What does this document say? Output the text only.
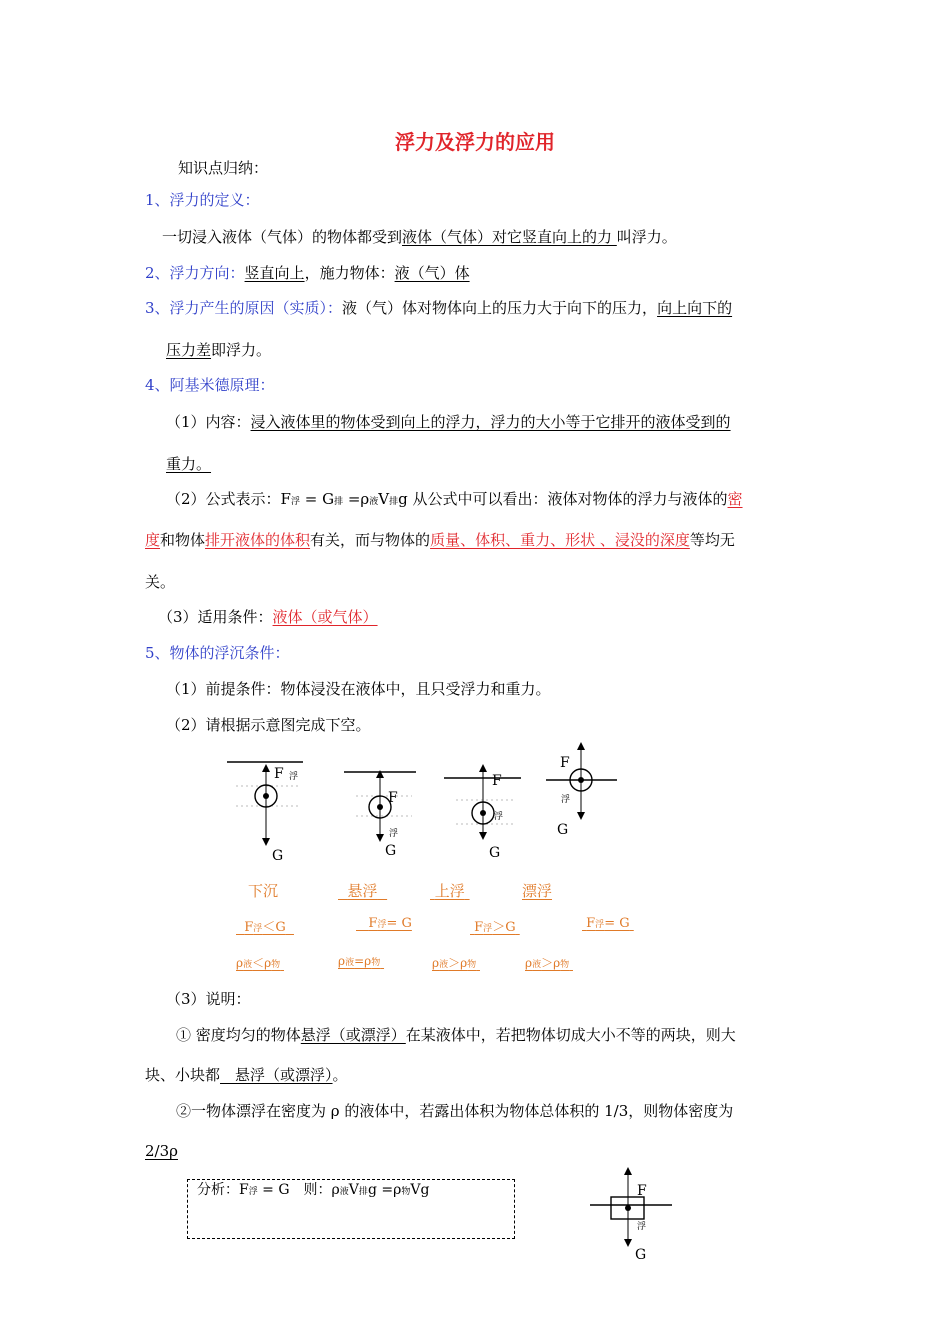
浮力及浮力的应用
知识点归纳：
1、浮力的定义：
一切浸入液体（气体）的物体都受到液体（气体）对它竖直向上的力 叫浮力。
2、浮力方向：竖直向上，施力物体：液（气）体
3、浮力产生的原因（实质）：液（气）体对物体向上的压力大于向下的压力，向上向下的
压力差即浮力。
4、阿基米德原理：
（1）内容：浸入液体里的物体受到向上的浮力，浮力的大小等于它排开的液体受到的
重力。
（2）公式表示：F浮 = G排 =ρ液V排g 从公式中可以看出：液体对物体的浮力与液体的密
度和物体排开液体的体积有关，而与物体的质量、体积、重力、形状 、浸没的深度等均无
关。
（3）适用条件：液体（或气体）
5、物体的浮沉条件：
（1）前提条件：物体浸没在液体中，且只受浮力和重力。
（2）请根据示意图完成下空。
F 浮
G
F
浮
G
F
浮
G
F
浮
G
下沉	悬浮	上浮	漂浮
F浮＜G	F浮= G	F浮＞G	F浮= G
ρ液＜ρ物	ρ液=ρ物	ρ液＞ρ物	ρ液＞ρ物
（3）说明：
① 密度均匀的物体悬浮（或漂浮）在某液体中，若把物体切成大小不等的两块，则大
块、小块都　悬浮（或漂浮）。
②一物体漂浮在密度为 ρ 的液体中，若露出体积为物体总体积的 1/3，则物体密度为
2/3ρ
分析：F浮 = G　则：ρ液V排g =ρ物Vg	F
浮
G
